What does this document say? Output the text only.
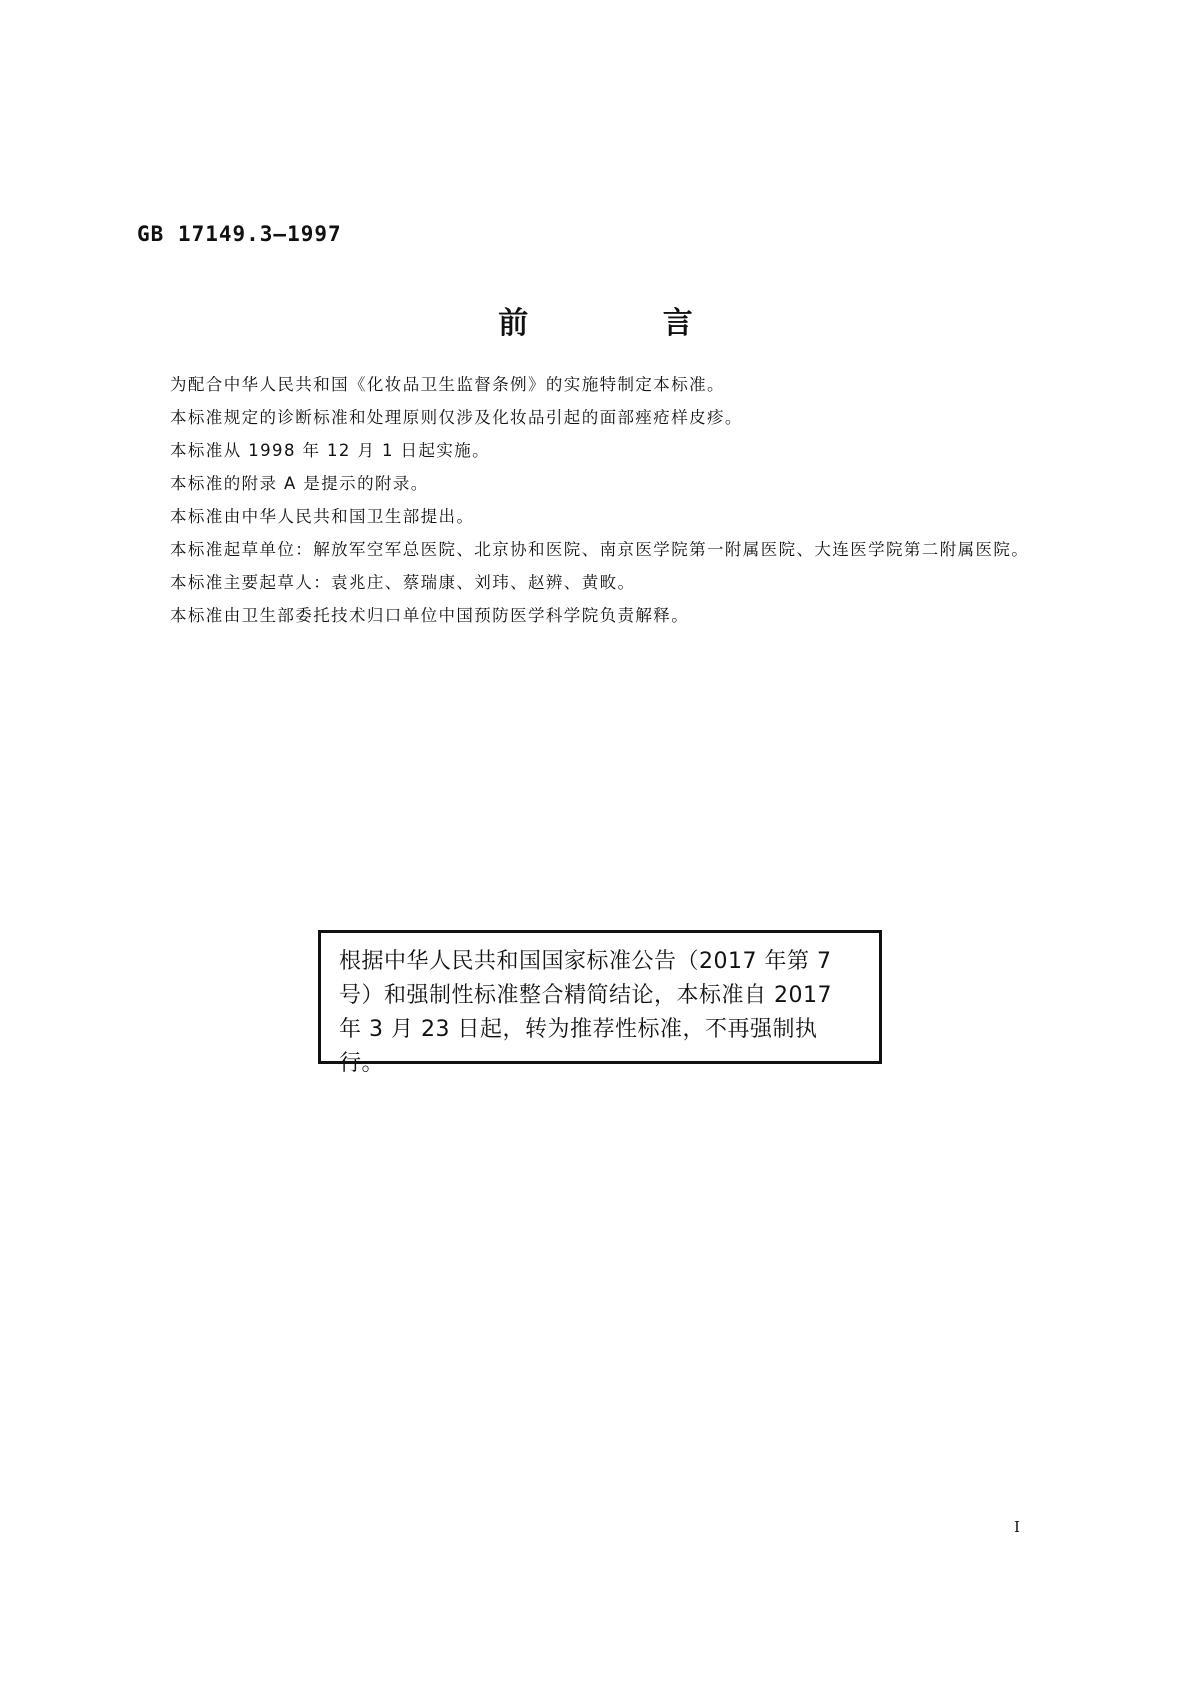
GB 17149.3—1997
前 言

为配合中华人民共和国《化妆品卫生监督条例》的实施特制定本标准。

本标准规定的诊断标准和处理原则仅涉及化妆品引起的面部痤疮样皮疹。

本标准从 1998 年 12 月 1 日起实施。

本标准的附录 A 是提示的附录。

本标准由中华人民共和国卫生部提出。

本标准起草单位：解放军空军总医院、北京协和医院、南京医学院第一附属医院、大连医学院第二附属医院。

本标准主要起草人：袁兆庄、蔡瑞康、刘玮、赵辨、黄畋。

本标准由卫生部委托技术归口单位中国预防医学科学院负责解释。

根据中华人民共和国国家标准公告（2017 年第 7 号）和强制性标准整合精简结论，本标准自 2017 年 3 月 23 日起，转为推荐性标准，不再强制执行。
I
